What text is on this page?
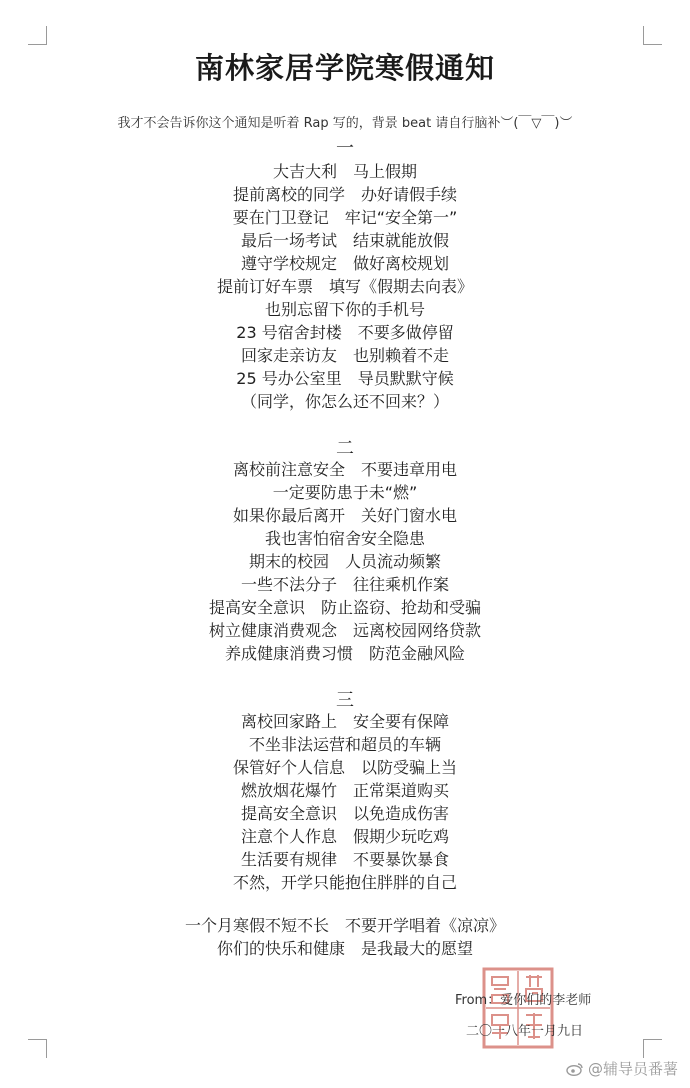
南林家居学院寒假通知
我才不会告诉你这个通知是听着 Rap 写的，背景 beat 请自行脑补︶(￣▽￣)︶
一
大吉大利　马上假期
提前离校的同学　办好请假手续
要在门卫登记　牢记“安全第一”
最后一场考试　结束就能放假
遵守学校规定　做好离校规划
提前订好车票　填写《假期去向表》
也别忘留下你的手机号
23 号宿舍封楼　不要多做停留
回家走亲访友　也别赖着不走
25 号办公室里　导员默默守候
（同学，你怎么还不回来？）
二
离校前注意安全　不要违章用电
一定要防患于未“燃”
如果你最后离开　关好门窗水电
我也害怕宿舍安全隐患
期末的校园　人员流动频繁
一些不法分子　往往乘机作案
提高安全意识　防止盗窃、抢劫和受骗
树立健康消费观念　远离校园网络贷款
养成健康消费习惯　防范金融风险
三
离校回家路上　安全要有保障
不坐非法运营和超员的车辆
保管好个人信息　以防受骗上当
燃放烟花爆竹　正常渠道购买
提高安全意识　以免造成伤害
注意个人作息　假期少玩吃鸡
生活要有规律　不要暴饮暴食
不然，开学只能抱住胖胖的自己
一个月寒假不短不长　不要开学唱着《凉凉》
你们的快乐和健康　是我最大的愿望
From：爱你们的李老师
二〇一八年一月九日
@辅导员番薯
